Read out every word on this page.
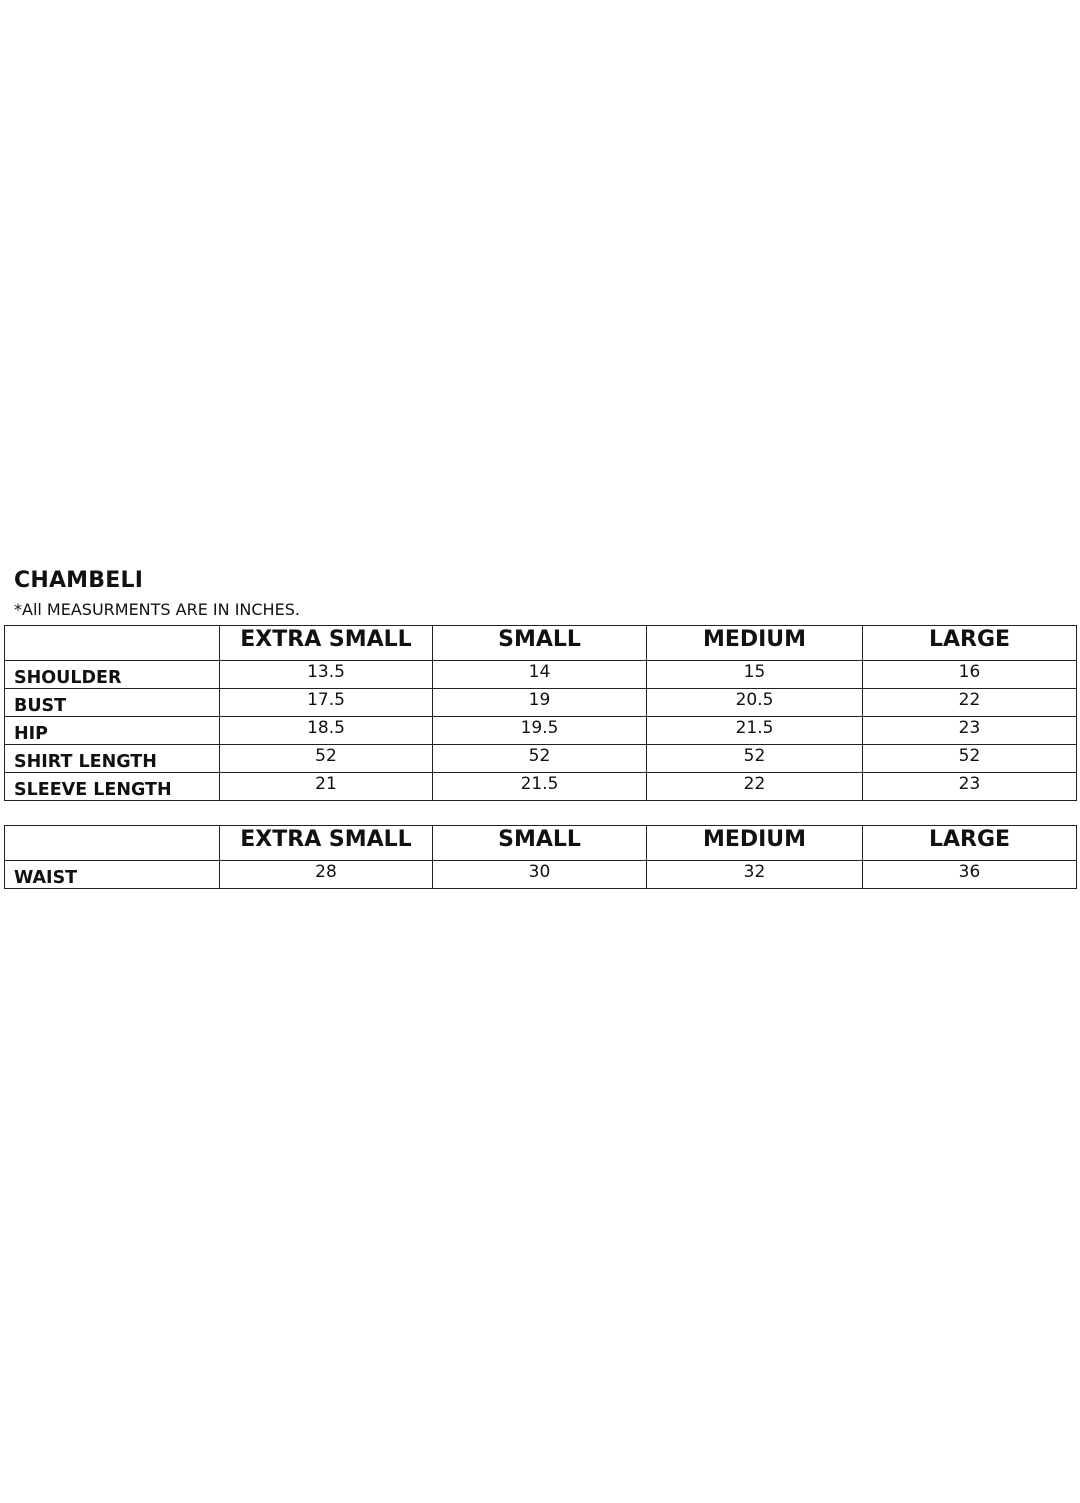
CHAMBELI
*All MEASURMENTS ARE IN INCHES.
	EXTRA SMALL	SMALL	MEDIUM	LARGE
SHOULDER	13.5	14	15	16
BUST	17.5	19	20.5	22
HIP	18.5	19.5	21.5	23
SHIRT LENGTH	52	52	52	52
SLEEVE LENGTH	21	21.5	22	23
	EXTRA SMALL	SMALL	MEDIUM	LARGE
WAIST	28	30	32	36
